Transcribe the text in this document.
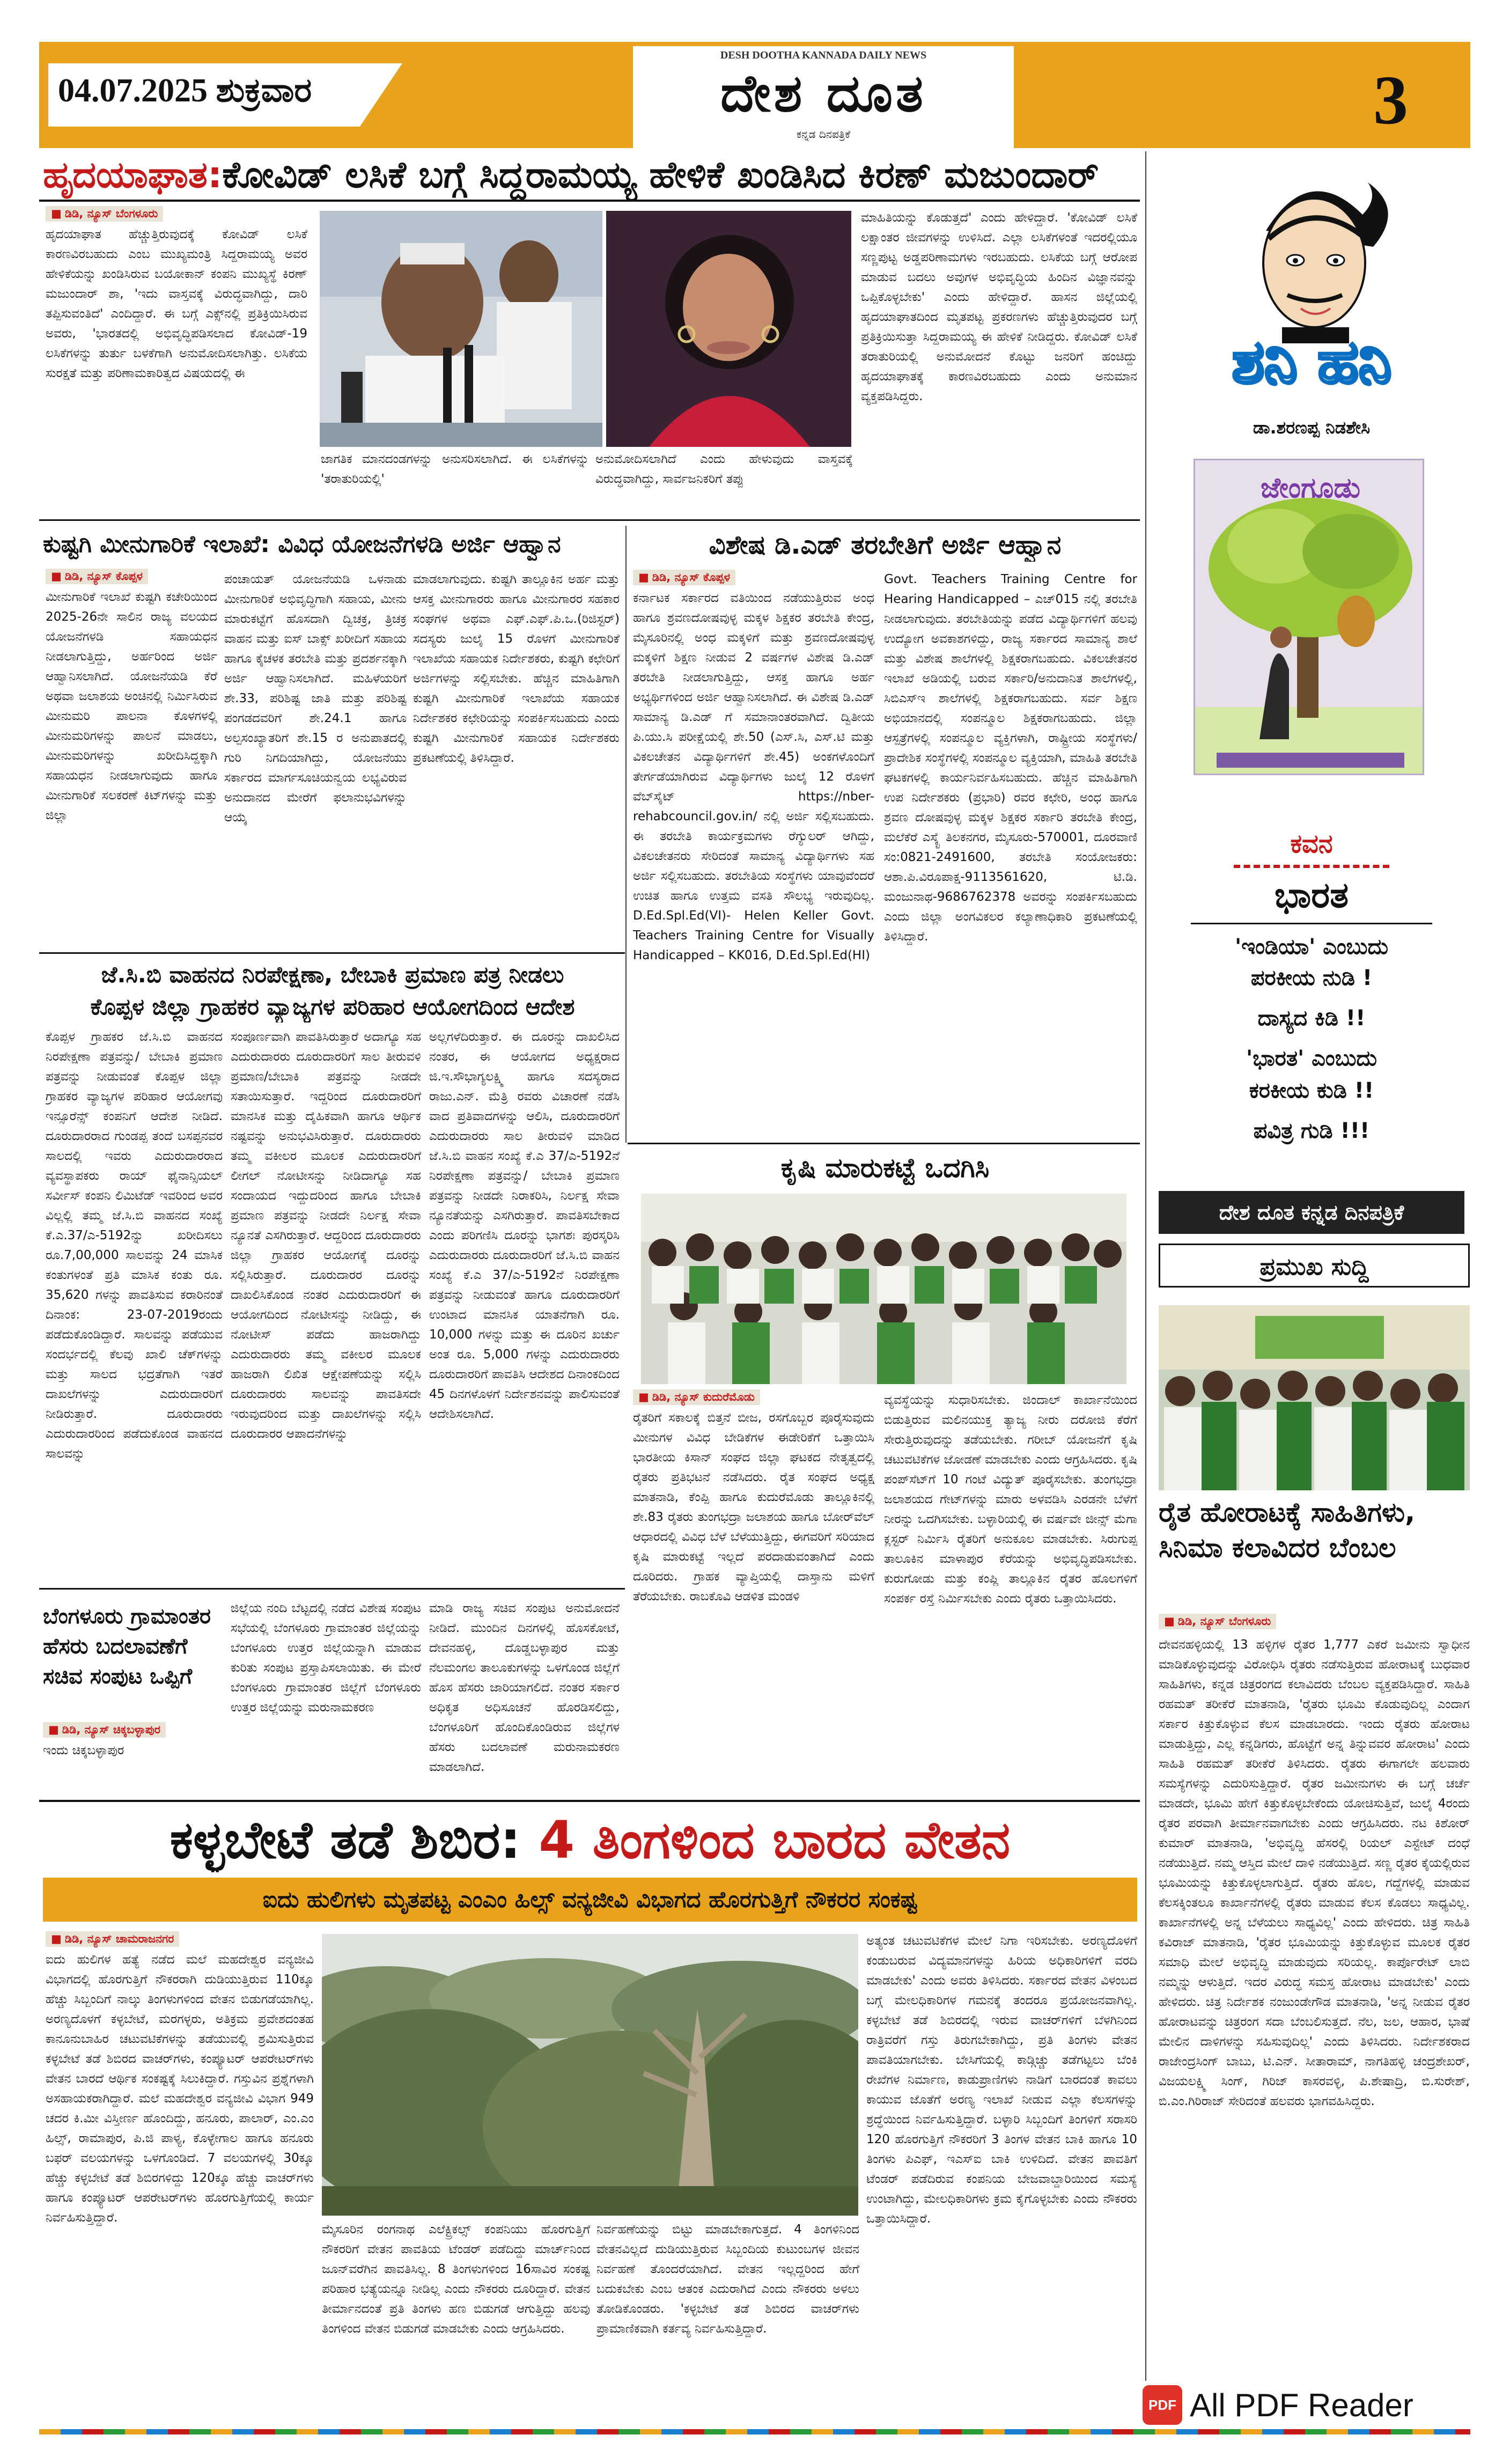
04.07.2025 ಶುಕ್ರವಾರ
DESH DOOTHA KANNADA DAILY NEWS
ದೇಶ ದೂತ
ಕನ್ನಡ ದಿನಪತ್ರಿಕೆ	3
ಹೃದಯಾಘಾತ:ಕೋವಿಡ್ ಲಸಿಕೆ ಬಗ್ಗೆ ಸಿದ್ದರಾಮಯ್ಯ ಹೇಳಿಕೆ ಖಂಡಿಸಿದ ಕಿರಣ್ ಮಜುಂದಾರ್
■ ಡಿಡಿ, ನ್ಯೂಸ್ ಬೆಂಗಳೂರು
ಹೃದಯಾಘಾತ ಹೆಚ್ಚುತ್ತಿರುವುದಕ್ಕೆ ಕೋವಿಡ್ ಲಸಿಕೆ ಕಾರಣವಿರಬಹುದು ಎಂಬ ಮುಖ್ಯಮಂತ್ರಿ ಸಿದ್ದರಾಮಯ್ಯ ಅವರ ಹೇಳಿಕೆಯನ್ನು ಖಂಡಿಸಿರುವ ಬಯೋಕಾನ್ ಕಂಪನಿ ಮುಖ್ಯಸ್ಥೆ ಕಿರಣ್ ಮಜುಂದಾರ್ ಶಾ, 'ಇದು ವಾಸ್ತವಕ್ಕೆ ವಿರುದ್ಧವಾಗಿದ್ದು, ದಾರಿ ತಪ್ಪಿಸುವಂತಿದೆ' ಎಂದಿದ್ದಾರೆ. ಈ ಬಗ್ಗೆ ಎಕ್ಸ್‌ನಲ್ಲಿ ಪ್ರತಿಕ್ರಿಯಿಸಿರುವ ಅವರು, 'ಭಾರತದಲ್ಲಿ ಅಭಿವೃದ್ಧಿಪಡಿಸಲಾದ ಕೋವಿಡ್-19 ಲಸಿಕೆಗಳನ್ನು ತುರ್ತು ಬಳಕೆಗಾಗಿ ಅನುಮೋದಿಸಲಾಗಿತ್ತು. ಲಸಿಕೆಯ ಸುರಕ್ಷತೆ ಮತ್ತು ಪರಿಣಾಮಕಾರಿತ್ವದ ವಿಷಯದಲ್ಲಿ ಈ
ಜಾಗತಿಕ ಮಾನದಂಡಗಳನ್ನು ಅನುಸರಿಸಲಾಗಿದೆ. ಈ ಲಸಿಕೆಗಳನ್ನು 'ತರಾತುರಿಯಲ್ಲಿ'
ಅನುಮೋದಿಸಲಾಗಿದೆ ಎಂದು ಹೇಳುವುದು ವಾಸ್ತವಕ್ಕೆ ವಿರುದ್ಧವಾಗಿದ್ದು, ಸಾರ್ವಜನಿಕರಿಗೆ ತಪ್ಪು
ಮಾಹಿತಿಯನ್ನು ಕೊಡುತ್ತದೆ' ಎಂದು ಹೇಳಿದ್ದಾರೆ. 'ಕೋವಿಡ್ ಲಸಿಕೆ ಲಕ್ಷಾಂತರ ಜೀವಗಳನ್ನು ಉಳಿಸಿದೆ. ಎಲ್ಲಾ ಲಸಿಕೆಗಳಂತೆ ಇದರಲ್ಲಿಯೂ ಸಣ್ಣಪುಟ್ಟ ಅಡ್ಡಪರಿಣಾಮಗಳು ಇರಬಹುದು. ಲಸಿಕೆಯ ಬಗ್ಗೆ ಆರೋಪ ಮಾಡುವ ಬದಲು ಅವುಗಳ ಅಭಿವೃದ್ಧಿಯ ಹಿಂದಿನ ವಿಜ್ಞಾನವನ್ನು ಒಪ್ಪಿಕೊಳ್ಳಬೇಕು' ಎಂದು ಹೇಳಿದ್ದಾರೆ. ಹಾಸನ ಜಿಲ್ಲೆಯಲ್ಲಿ ಹೃದಯಾಘಾತದಿಂದ ಮೃತಪಟ್ಟ ಪ್ರಕರಣಗಳು ಹೆಚ್ಚುತ್ತಿರುವುದರ ಬಗ್ಗೆ ಪ್ರತಿಕ್ರಿಯಿಸುತ್ತಾ ಸಿದ್ದರಾಮಯ್ಯ ಈ ಹೇಳಿಕೆ ನೀಡಿದ್ದರು. ಕೋವಿಡ್ ಲಸಿಕೆ ತರಾತುರಿಯಲ್ಲಿ ಅನುಮೋದನೆ ಕೊಟ್ಟು ಜನರಿಗೆ ಹಂಚಿದ್ದು ಹೃದಯಾಘಾತಕ್ಕೆ ಕಾರಣವಿರಬಹುದು ಎಂದು ಅನುಮಾನ ವ್ಯಕ್ತಪಡಿಸಿದ್ದರು.
ಶನಿ ಹನಿ
ಡಾ.ಶರಣಪ್ಪ ನಿಡಶೇಸಿ
ಜೇಂಗೂಡು
ಕವನ
ಭಾರತ
'ಇಂಡಿಯಾ' ಎಂಬುದು
ಪರಕೀಯ ನುಡಿ !
ದಾಸ್ಯದ ಕಿಡಿ !!
'ಭಾರತ' ಎಂಬುದು
ಕರಕೀಯ ಕುಡಿ !!
ಪವಿತ್ರ ಗುಡಿ !!!
ದೇಶ ದೂತ ಕನ್ನಡ ದಿನಪತ್ರಿಕೆ
ಪ್ರಮುಖ ಸುದ್ದಿ
ರೈತ ಹೋರಾಟಕ್ಕೆ ಸಾಹಿತಿಗಳು, ಸಿನಿಮಾ ಕಲಾವಿದರ ಬೆಂಬಲ
■ ಡಿಡಿ, ನ್ಯೂಸ್ ಬೆಂಗಳೂರು
ದೇವನಹಳ್ಳಿಯಲ್ಲಿ 13 ಹಳ್ಳಿಗಳ ರೈತರ 1,777 ಎಕರೆ ಜಮೀನು ಸ್ವಾಧೀನ ಮಾಡಿಕೊಳ್ಳುವುದನ್ನು ವಿರೋಧಿಸಿ ರೈತರು ನಡೆಸುತ್ತಿರುವ ಹೋರಾಟಕ್ಕೆ ಬುಧವಾರ ಸಾಹಿತಿಗಳು, ಕನ್ನಡ ಚಿತ್ರರಂಗದ ಕಲಾವಿದರು ಬೆಂಬಲ ವ್ಯಕ್ತಪಡಿಸಿದ್ದಾರೆ. ಸಾಹಿತಿ ರಹಮತ್ ತರೀಕೆರೆ ಮಾತನಾಡಿ, 'ರೈತರು ಭೂಮಿ ಕೊಡುವುದಿಲ್ಲ ಎಂದಾಗ ಸರ್ಕಾರ ಕಿತ್ತುಕೊಳ್ಳುವ ಕೆಲಸ ಮಾಡಬಾರದು. ಇಂದು ರೈತರು ಹೋರಾಟ ಮಾಡುತ್ತಿದ್ದು, ಎಲ್ಲ ಕನ್ನಡಿಗರು, ಹೊಟ್ಟೆಗೆ ಅನ್ನ ತಿನ್ನುವವರ ಹೋರಾಟ' ಎಂದು ಸಾಹಿತಿ ರಹಮತ್ ತರೀಕೆರೆ ತಿಳಿಸಿದರು. ರೈತರು ಈಗಾಗಲೇ ಹಲವಾರು ಸಮಸ್ಯೆಗಳನ್ನು ಎದುರಿಸುತ್ತಿದ್ದಾರೆ. ರೈತರ ಜಮೀನುಗಳು ಈ ಬಗ್ಗೆ ಚರ್ಚೆ ಮಾಡದೇ, ಭೂಮಿ ಹೇಗೆ ಕಿತ್ತುಕೊಳ್ಳಬೇಕೆಂದು ಯೋಚಿಸುತ್ತಿವೆ, ಜುಲೈ 4ರಂದು ರೈತರ ಪರವಾಗಿ ತೀರ್ಮಾನವಾಗಬೇಕು ಎಂದು ಆಗ್ರಹಿಸಿದರು. ನಟ ಕಿಶೋರ್ ಕುಮಾರ್ ಮಾತನಾಡಿ, 'ಅಭಿವೃದ್ಧಿ ಹೆಸರಲ್ಲಿ ರಿಯಲ್ ಎಸ್ಟೇಟ್ ದಂಧೆ ನಡೆಯುತ್ತಿದೆ. ನಮ್ಮ ಆಸ್ತಿದ ಮೇಲೆ ದಾಳಿ ನಡೆಯುತ್ತಿದೆ. ಸಣ್ಣ ರೈತರ ಕೈಯಲ್ಲಿರುವ ಭೂಮಿಯನ್ನು ಕಿತ್ತುಕೊಳ್ಳಲಾಗುತ್ತಿದೆ. ರೈತರು ಹೊಲ, ಗದ್ದೆಗಳಲ್ಲಿ ಮಾಡುವ ಕೆಲಸಕ್ಕಿಂತಲೂ ಕಾರ್ಖಾನೆಗಳಲ್ಲಿ ರೈತರು ಮಾಡುವ ಕೆಲಸ ಕೊಡಲು ಸಾಧ್ಯವಿಲ್ಲ. ಕಾರ್ಖಾನೆಗಳಲ್ಲಿ ಅನ್ನ ಬೆಳೆಯಲು ಸಾಧ್ಯವಿಲ್ಲ' ಎಂದು ಹೇಳಿದರು. ಚಿತ್ರ ಸಾಹಿತಿ ಕವಿರಾಜ್ ಮಾತನಾಡಿ, 'ರೈತರ ಭೂಮಿಯನ್ನು ಕಿತ್ತುಕೊಳ್ಳುವ ಮೂಲಕ ರೈತರ ಸಮಾಧಿ ಮೇಲೆ ಅಭಿವೃದ್ಧಿ ಮಾಡುವುದು ಸರಿಯಲ್ಲ. ಕಾರ್ಪೊರೇಟ್ ಲಾಬಿ ನಮ್ಮನ್ನು ಆಳುತ್ತಿದೆ. ಇದರ ವಿರುದ್ಧ ಸಮಸ್ತ ಹೋರಾಟ ಮಾಡಬೇಕು' ಎಂದು ಹೇಳಿದರು. ಚಿತ್ರ ನಿರ್ದೇಶಕ ನಂಜುಂಡೇಗೌಡ ಮಾತನಾಡಿ, 'ಅನ್ನ ನೀಡುವ ರೈತರ ಹೋರಾಟವನ್ನು ಚಿತ್ರರಂಗ ಸದಾ ಬೆಂಬಲಿಸುತ್ತದೆ. ನೆಲ, ಜಲ, ಆಹಾರ, ಭಾಷೆ ಮೇಲಿನ ದಾಳಿಗಳನ್ನು ಸಹಿಸುವುದಿಲ್ಲ' ಎಂದು ತಿಳಿಸಿದರು. ನಿರ್ದೇಶಕರಾದ ರಾಜೇಂದ್ರಸಿಂಗ್ ಬಾಬು, ಟಿ.ಎನ್. ಸೀತಾರಾಮ್, ನಾಗತಿಹಳ್ಳಿ ಚಂದ್ರಶೇಖರ್, ವಿಜಯಲಕ್ಷ್ಮಿ ಸಿಂಗ್, ಗಿರಿಜ್ ಕಾಸರವಳ್ಳಿ, ಪಿ.ಶೇಷಾದ್ರಿ, ಬಿ.ಸುರೇಶ್, ಬಿ.ಎಂ.ಗಿರಿರಾಜ್ ಸೇರಿದಂತೆ ಹಲವರು ಭಾಗವಹಿಸಿದ್ದರು.
ಕುಷ್ಟಗಿ ಮೀನುಗಾರಿಕೆ ಇಲಾಖೆ: ವಿವಿಧ ಯೋಜನೆಗಳಡಿ ಅರ್ಜಿ ಆಹ್ವಾನ
■ ಡಿಡಿ, ನ್ಯೂಸ್ ಕೊಪ್ಪಳ
ಮೀನುಗಾರಿಕೆ ಇಲಾಖೆ ಕುಷ್ಟಗಿ ಕಚೇರಿಯಿಂದ 2025-26ನೇ ಸಾಲಿನ ರಾಜ್ಯ ವಲಯದ ಯೋಜನೆಗಳಡಿ ಸಹಾಯಧನ ನೀಡಲಾಗುತ್ತಿದ್ದು, ಅರ್ಹರಿಂದ ಅರ್ಜಿ ಆಹ್ವಾನಿಸಲಾಗಿದೆ. ಯೋಜನೆಯಡಿ ಕೆರೆ ಅಥವಾ ಜಲಾಶಯ ಅಂಚಿನಲ್ಲಿ ನಿರ್ಮಿಸಿರುವ ಮೀನುಮರಿ ಪಾಲನಾ ಕೊಳಗಳಲ್ಲಿ ಮೀನುಮರಿಗಳನ್ನು ಪಾಲನೆ ಮಾಡಲು, ಮೀನುಮರಿಗಳನ್ನು ಖರೀದಿಸಿದ್ದಕ್ಕಾಗಿ ಸಹಾಯಧನ ನೀಡಲಾಗುವುದು ಹಾಗೂ ಮೀನುಗಾರಿಕೆ ಸಲಕರಣೆ ಕಿಟ್‌ಗಳನ್ನು ಮತ್ತು ಜಿಲ್ಲಾ
ಪಂಚಾಯತ್ ಯೋಜನೆಯಡಿ ಒಳನಾಡು ಮೀನುಗಾರಿಕೆ ಅಭಿವೃದ್ಧಿಗಾಗಿ ಸಹಾಯ, ಮೀನು ಮಾರುಕಟ್ಟೆಗೆ ಹೊಸದಾಗಿ ದ್ವಿಚಕ್ರ, ತ್ರಿಚಕ್ರ ವಾಹನ ಮತ್ತು ಐಸ್ ಬಾಕ್ಸ್ ಖರೀದಿಗೆ ಸಹಾಯ ಹಾಗೂ ಕೈಚಳಕ ತರಬೇತಿ ಮತ್ತು ಪ್ರದರ್ಶನಕ್ಕಾಗಿ ಅರ್ಜಿ ಆಹ್ವಾನಿಸಲಾಗಿದೆ. ಮಹಿಳೆಯರಿಗೆ ಶೇ.33, ಪರಿಶಿಷ್ಟ ಜಾತಿ ಮತ್ತು ಪರಿಶಿಷ್ಟ ಪಂಗಡದವರಿಗೆ ಶೇ.24.1 ಹಾಗೂ ಅಲ್ಪಸಂಖ್ಯಾತರಿಗೆ ಶೇ.15 ರ ಅನುಪಾತದಲ್ಲಿ ಗುರಿ ನಿಗದಿಯಾಗಿದ್ದು, ಯೋಜನೆಯು ಸರ್ಕಾರದ ಮಾರ್ಗಸೂಚಿಯನ್ವಯ ಲಭ್ಯವಿರುವ ಅನುದಾನದ ಮೇರೆಗೆ ಫಲಾನುಭವಿಗಳನ್ನು ಆಯ್ಕೆ
ಮಾಡಲಾಗುವುದು. ಕುಷ್ಟಗಿ ತಾಲ್ಲೂಕಿನ ಅರ್ಹ ಮತ್ತು ಆಸಕ್ತ ಮೀನುಗಾರರು ಹಾಗೂ ಮೀನುಗಾರರ ಸಹಕಾರ ಸಂಘಗಳ ಅಥವಾ ಎಫ್.ಎಫ್.ಪಿ.ಒ.(ರಿಜಿಸ್ಟರ್) ಸದಸ್ಯರು ಜುಲೈ 15 ರೊಳಗೆ ಮೀನುಗಾರಿಕೆ ಇಲಾಖೆಯ ಸಹಾಯಕ ನಿರ್ದೇಶಕರು, ಕುಷ್ಟಗಿ ಕಛೇರಿಗೆ ಅರ್ಜಿಗಳನ್ನು ಸಲ್ಲಿಸಬೇಕು. ಹೆಚ್ಚಿನ ಮಾಹಿತಿಗಾಗಿ ಕುಷ್ಟಗಿ ಮೀನುಗಾರಿಕೆ ಇಲಾಖೆಯ ಸಹಾಯಕ ನಿರ್ದೇಶಕರ ಕಛೇರಿಯನ್ನು ಸಂಪರ್ಕಿಸಬಹುದು ಎಂದು ಕುಷ್ಟಗಿ ಮೀನುಗಾರಿಕೆ ಸಹಾಯಕ ನಿರ್ದೇಶಕರು ಪ್ರಕಟಣೆಯಲ್ಲಿ ತಿಳಿಸಿದ್ದಾರೆ.
ಜೆ.ಸಿ.ಬಿ ವಾಹನದ ನಿರಪೇಕ್ಷಣಾ, ಬೇಬಾಕಿ ಪ್ರಮಾಣ ಪತ್ರ ನೀಡಲು
ಕೊಪ್ಪಳ ಜಿಲ್ಲಾ ಗ್ರಾಹಕರ ವ್ಯಾಜ್ಯಗಳ ಪರಿಹಾರ ಆಯೋಗದಿಂದ ಆದೇಶ
ಕೊಪ್ಪಳ ಗ್ರಾಹಕರ ಜೆ.ಸಿ.ಬಿ ವಾಹನದ ನಿರಪೇಕ್ಷಣಾ ಪತ್ರವನ್ನು/ ಬೇಬಾಕಿ ಪ್ರಮಾಣ ಪತ್ರವನ್ನು ನೀಡುವಂತೆ ಕೊಪ್ಪಳ ಜಿಲ್ಲಾ ಗ್ರಾಹಕರ ವ್ಯಾಜ್ಯಗಳ ಪರಿಹಾರ ಆಯೋಗವು ಇನ್ಸೂರೆನ್ಸ್ ಕಂಪನಿಗೆ ಆದೇಶ ನೀಡಿದೆ. ದೂರುದಾರರಾದ ಗುಂಡಪ್ಪ ತಂದೆ ಬಸಪ್ಪನವರ ಸಾಲದಲ್ಲಿ ಇವರು ಎದುರುದಾರರಾದ ವ್ಯವಸ್ಥಾಪಕರು ರಾಯ್ ಫೈನಾನ್ಸಿಯಲ್ ಸರ್ವೀಸ್ ಕಂಪನಿ ಲಿಮಿಟೆಡ್ ಇವರಿಂದ ಅವರ ವಿಲ್ಲಲ್ಲಿ ತಮ್ಮ ಜೆ.ಸಿ.ಬಿ ವಾಹನದ ಸಂಖ್ಯೆ ಕೆ.ಎ.37/ಎ-5192ನ್ನು ಖರೀದಿಸಲು ರೂ.7,00,000 ಸಾಲವನ್ನು 24 ಮಾಸಿಕ ಕಂತುಗಳಂತೆ ಪ್ರತಿ ಮಾಸಿಕ ಕಂತು ರೂ. 35,620 ಗಳನ್ನು ಪಾವತಿಸುವ ಕರಾರಿನಂತೆ ದಿನಾಂಕ: 23-07-2019ರಂದು ಪಡೆದುಕೊಂಡಿದ್ದಾರೆ. ಸಾಲವನ್ನು ಪಡೆಯುವ ಸಂದರ್ಭದಲ್ಲಿ ಕೆಲವು ಖಾಲಿ ಚೆಕ್‌ಗಳನ್ನು ಮತ್ತು ಸಾಲದ ಭದ್ರತೆಗಾಗಿ ಇತರೆ ದಾಖಲೆಗಳನ್ನು ಎದುರುದಾರರಿಗೆ ನೀಡಿರುತ್ತಾರೆ. ದೂರುದಾರರು ಎದುರುದಾರರಿಂದ ಪಡೆದುಕೊಂಡ ವಾಹನದ ಸಾಲವನ್ನು
ಸಂಪೂರ್ಣವಾಗಿ ಪಾವತಿಸಿರುತ್ತಾರೆ ಅದಾಗ್ಯೂ ಸಹ ಎದುರುದಾರರು ದೂರುದಾರರಿಗೆ ಸಾಲ ತೀರುವಳಿ ಪ್ರಮಾಣ/ಬೇಬಾಕಿ ಪತ್ರವನ್ನು ನೀಡದೇ ಸತಾಯಿಸುತ್ತಾರೆ. ಇದ್ದರಿಂದ ದೂರುದಾರರಿಗೆ ಮಾನಸಿಕ ಮತ್ತು ದೈಹಿಕವಾಗಿ ಹಾಗೂ ಆರ್ಥಿಕ ನಷ್ಟವನ್ನು ಅನುಭವಿಸಿರುತ್ತಾರೆ. ದೂರುದಾರರು ತಮ್ಮ ವಕೀಲರ ಮೂಲಕ ಎದುರುದಾರರಿಗೆ ಲೀಗಲ್ ನೋಟೀಸನ್ನು ನೀಡಿದಾಗ್ಯೂ ಸಹ ಸಂದಾಯದ ಇದ್ದುದರಿಂದ ಹಾಗೂ ಬೇಬಾಕಿ ಪ್ರಮಾಣ ಪತ್ರವನ್ನು ನೀಡದೇ ನಿರ್ಲಕ್ಷ ಸೇವಾ ನ್ಯೂನತೆ ಎಸಗಿರುತ್ತಾರೆ. ಆದ್ದರಿಂದ ದೂರುದಾರರು ಜಿಲ್ಲಾ ಗ್ರಾಹಕರ ಆಯೋಗಕ್ಕೆ ದೂರನ್ನು ಸಲ್ಲಿಸಿರುತ್ತಾರೆ. ದೂರುದಾರರ ದೂರನ್ನು ದಾಖಲಿಸಿಕೊಂಡ ನಂತರ ಎದುರುದಾರರಿಗೆ ಈ ಆಯೋಗದಿಂದ ನೋಟೀಸನ್ನು ನೀಡಿದ್ದು, ಈ ನೋಟೀಸ್ ಪಡೆದು ಹಾಜರಾಗಿದ್ದು ಎದುರುದಾರರು ತಮ್ಮ ವಕೀಲರ ಮೂಲಕ ಹಾಜರಾಗಿ ಲಿಖಿತ ಆಕ್ಷೇಪಣೆಯನ್ನು ಸಲ್ಲಿಸಿ ದೂರುದಾರರು ಸಾಲವನ್ನು ಪಾವತಿಸದೇ ಇರುವುದರಿಂದ ಮತ್ತು ದಾಖಲೆಗಳನ್ನು ಸಲ್ಲಿಸಿ ದೂರುದಾರರ ಆಪಾದನೆಗಳನ್ನು
ಅಲ್ಲಗಳೆದಿರುತ್ತಾರೆ. ಈ ದೂರನ್ನು ದಾಖಲಿಸಿದ ನಂತರ, ಈ ಆಯೋಗದ ಅಧ್ಯಕ್ಷರಾದ ಜಿ.ಇ.ಸೌಭಾಗ್ಯಲಕ್ಷ್ಮಿ ಹಾಗೂ ಸದಸ್ಯರಾದ ರಾಜು.ಎನ್. ಮೆತ್ರಿ ರವರು ವಿಚಾರಣೆ ನಡೆಸಿ ವಾದ ಪ್ರತಿವಾದಗಳನ್ನು ಆಲಿಸಿ, ದೂರುದಾರರಿಗೆ ಎದುರುದಾರರು ಸಾಲ ತೀರುವಳಿ ಮಾಡಿದ ಜೆ.ಸಿ.ಬಿ ವಾಹನ ಸಂಖ್ಯೆ ಕೆ.ಎ 37/ಎ-5192ನೆ ನಿರಪೇಕ್ಷಣಾ ಪತ್ರವನ್ನು/ ಬೇಬಾಕಿ ಪ್ರಮಾಣ ಪತ್ರವನ್ನು ನೀಡದೇ ನಿರಾಕರಿಸಿ, ನಿರ್ಲಕ್ಷ ಸೇವಾ ನ್ಯೂನತೆಯನ್ನು ಎಸಗಿರುತ್ತಾರೆ. ಪಾವತಿಸಬೇಕಾದ ಎಂದು ಪರಿಗಣಿಸಿ ದೂರನ್ನು ಭಾಗಶಃ ಪುರಸ್ಕರಿಸಿ ಎದುರುದಾರರು ದೂರುದಾರರಿಗೆ ಜೆ.ಸಿ.ಬಿ ವಾಹನ ಸಂಖ್ಯೆ ಕೆ.ಎ 37/ಎ-5192ನೆ ನಿರಪೇಕ್ಷಣಾ ಪತ್ರವನ್ನು ನೀಡುವಂತೆ ಹಾಗೂ ದೂರುದಾರರಿಗೆ ಉಂಟಾದ ಮಾನಸಿಕ ಯಾತನೆಗಾಗಿ ರೂ. 10,000 ಗಳನ್ನು ಮತ್ತು ಈ ದೂರಿನ ಖರ್ಚು ಅಂತ ರೂ. 5,000 ಗಳನ್ನು ಎದುರುದಾರರು ದೂರುದಾರರಿಗೆ ಪಾವತಿಸಿ ಆದೇಶದ ದಿನಾಂಕದಿಂದ 45 ದಿನಗಳೊಳಗೆ ನಿರ್ದೇಶನವನ್ನು ಪಾಲಿಸುವಂತೆ ಆದೇಶಿಸಲಾಗಿದೆ.
ವಿಶೇಷ ಡಿ.ಎಡ್ ತರಬೇತಿಗೆ ಅರ್ಜಿ ಆಹ್ವಾನ
■ ಡಿಡಿ, ನ್ಯೂಸ್ ಕೊಪ್ಪಳ
ಕರ್ನಾಟಕ ಸರ್ಕಾರದ ವತಿಯಿಂದ ನಡೆಯುತ್ತಿರುವ ಅಂಧ ಹಾಗೂ ಶ್ರವಣದೋಷವುಳ್ಳ ಮಕ್ಕಳ ಶಿಕ್ಷಕರ ತರಬೇತಿ ಕೇಂದ್ರ, ಮೈಸೂರಿನಲ್ಲಿ ಅಂಧ ಮಕ್ಕಳಿಗೆ ಮತ್ತು ಶ್ರವಣದೋಷವುಳ್ಳ ಮಕ್ಕಳಿಗೆ ಶಿಕ್ಷಣ ನೀಡುವ 2 ವರ್ಷಗಳ ವಿಶೇಷ ಡಿ.ಎಡ್ ತರಬೇತಿ ನೀಡಲಾಗುತ್ತಿದ್ದು, ಆಸಕ್ತ ಹಾಗೂ ಅರ್ಹ ಅಭ್ಯರ್ಥಿಗಳಿಂದ ಅರ್ಜಿ ಆಹ್ವಾನಿಸಲಾಗಿದೆ. ಈ ವಿಶೇಷ ಡಿ.ಎಡ್ ಸಾಮಾನ್ಯ ಡಿ.ಎಡ್ ಗೆ ಸಮಾನಾಂತರವಾಗಿದೆ. ದ್ವಿತೀಯ ಪಿ.ಯು.ಸಿ ಪರೀಕ್ಷೆಯಲ್ಲಿ ಶೇ.50 (ಎಸ್.ಸಿ, ಎಸ್.ಟಿ ಮತ್ತು ವಿಕಲಚೇತನ ವಿದ್ಯಾರ್ಥಿಗಳಿಗೆ ಶೇ.45) ಅಂಕಗಳೊಂದಿಗೆ ತೇರ್ಗಡೆಯಾಗಿರುವ ವಿದ್ಯಾರ್ಥಿಗಳು ಜುಲೈ 12 ರೊಳಗೆ ವೆಬ್‌ಸೈಟ್ https://nber-rehabcouncil.gov.in/ ನಲ್ಲಿ ಅರ್ಜಿ ಸಲ್ಲಿಸಬಹುದು. ಈ ತರಬೇತಿ ಕಾರ್ಯಕ್ರಮಗಳು ರೆಗ್ಯುಲರ್ ಆಗಿದ್ದು, ವಿಕಲಚೇತನರು ಸೇರಿದಂತೆ ಸಾಮಾನ್ಯ ವಿದ್ಯಾರ್ಥಿಗಳು ಸಹ ಅರ್ಜಿ ಸಲ್ಲಿಸಬಹುದು. ತರಬೇತಿಯ ಸಂಸ್ಥೆಗಳು ಯಾವುವೆಂದರೆ ಉಚಿತ ಹಾಗೂ ಉತ್ತಮ ವಸತಿ ಸೌಲಭ್ಯ ಇರುವುದಿಲ್ಲ. D.Ed.Spl.Ed(VI)- Helen Keller Govt. Teachers Training Centre for Visually Handicapped – KK016, D.Ed.Spl.Ed(HI)
Govt. Teachers Training Centre for Hearing Handicapped – ಎಚ್015 ನಲ್ಲಿ ತರಬೇತಿ ನೀಡಲಾಗುವುದು. ತರಬೇತಿಯನ್ನು ಪಡೆದ ವಿದ್ಯಾರ್ಥಿಗಳಿಗೆ ಹಲವು ಉದ್ಯೋಗ ಅವಕಾಶಗಳಿದ್ದು, ರಾಜ್ಯ ಸರ್ಕಾರದ ಸಾಮಾನ್ಯ ಶಾಲೆ ಮತ್ತು ವಿಶೇಷ ಶಾಲೆಗಳಲ್ಲಿ ಶಿಕ್ಷಕರಾಗಬಹುದು. ವಿಕಲಚೇತನರ ಇಲಾಖೆ ಅಡಿಯಲ್ಲಿ ಬರುವ ಸರ್ಕಾರಿ/ಅನುದಾನಿತ ಶಾಲೆಗಳಲ್ಲಿ, ಸಿಬಿಎಸ್‌ಇ ಶಾಲೆಗಳಲ್ಲಿ ಶಿಕ್ಷಕರಾಗಬಹುದು. ಸರ್ವ ಶಿಕ್ಷಣ ಅಭಿಯಾನದಲ್ಲಿ ಸಂಪನ್ಮೂಲ ಶಿಕ್ಷಕರಾಗಬಹುದು. ಜಿಲ್ಲಾ ಆಸ್ಪತ್ರೆಗಳಲ್ಲಿ ಸಂಪನ್ಮೂಲ ವ್ಯಕ್ತಿಗಳಾಗಿ, ರಾಷ್ಟ್ರೀಯ ಸಂಸ್ಥೆಗಳು/ಪ್ರಾದೇಶಿಕ ಸಂಸ್ಥೆಗಳಲ್ಲಿ ಸಂಪನ್ಮೂಲ ವ್ಯಕ್ತಿಯಾಗಿ, ಮಾಹಿತಿ ತರಬೇತಿ ಘಟಕಗಳಲ್ಲಿ ಕಾರ್ಯನಿರ್ವಹಿಸಬಹುದು. ಹೆಚ್ಚಿನ ಮಾಹಿತಿಗಾಗಿ ಉಪ ನಿರ್ದೇಶಕರು (ಪ್ರಭಾರಿ) ರವರ ಕಛೇರಿ, ಅಂಧ ಹಾಗೂ ಶ್ರವಣ ದೋಷವುಳ್ಳ ಮಕ್ಕಳ ಶಿಕ್ಷಕರ ಸರ್ಕಾರಿ ತರಬೇತಿ ಕೇಂದ್ರ, ಮಲೆಕೆರೆ ಎಸ್ಕ್ಟೆ ತಿಲಕನಗರ, ಮೈಸೂರು-570001, ದೂರವಾಣಿ ಸಂ:0821-2491600, ತರಬೇತಿ ಸಂಯೋಜಕರು: ಆಶಾ.ಪಿ.ವಿರೂಪಾಕ್ಷ-9113561620, ಟಿ.ಡಿ. ಮಂಜುನಾಥ-9686762378 ಅವರನ್ನು ಸಂಪರ್ಕಿಸಬಹುದು ಎಂದು ಜಿಲ್ಲಾ ಅಂಗವಿಕಲರ ಕಲ್ಯಾಣಾಧಿಕಾರಿ ಪ್ರಕಟಣೆಯಲ್ಲಿ ತಿಳಿಸಿದ್ದಾರೆ.
ಕೃಷಿ ಮಾರುಕಟ್ಟೆ ಒದಗಿಸಿ
■ ಡಿಡಿ, ನ್ಯೂಸ್ ಕುದುರೆಮೊಡು
ರೈತರಿಗೆ ಸಕಾಲಕ್ಕೆ ಬಿತ್ತನೆ ಬೀಜ, ರಸಗೊಬ್ಬರ ಪೂರೈಸುವುದು ಮೀನುಗಳ ವಿವಿಧ ಬೇಡಿಕೆಗಳ ಈಡೇರಿಕೆಗೆ ಒತ್ತಾಯಿಸಿ ಭಾರತೀಯ ಕಿಸಾನ್ ಸಂಘದ ಜಿಲ್ಲಾ ಘಟಕದ ನೇತೃತ್ವದಲ್ಲಿ ರೈತರು ಪ್ರತಿಭಟನೆ ನಡೆಸಿದರು. ರೈತ ಸಂಘದ ಅಧ್ಯಕ್ಷ ಮಾತನಾಡಿ, ಕೆಂಪ್ಪಿ ಹಾಗೂ ಕುದುರೆಮೊಡು ತಾಲ್ಲೂಕಿನಲ್ಲಿ ಶೇ.83 ರೈತರು ತುಂಗಭದ್ರಾ ಜಲಾಶಯ ಹಾಗೂ ಬೋರ್‌ವೆಲ್ ಆಧಾರದಲ್ಲಿ ವಿವಿಧ ಬೆಳೆ ಬೆಳೆಯುತ್ತಿದ್ದು, ಈಗವರಿಗೆ ಸರಿಯಾದ ಕೃಷಿ ಮಾರುಕಟ್ಟೆ ಇಲ್ಲದೆ ಪರದಾಡುವಂತಾಗಿದೆ ಎಂದು ದೂರಿದರು. ಗ್ರಾಹಕ ವ್ಯಾಪ್ತಿಯಲ್ಲಿ ದಾಸ್ತಾನು ಮಳಿಗೆ ತೆರೆಯಬೇಕು. ರಾಬಕೊವಿ ಆಡಳಿತ ಮಂಡಳಿ
ವ್ಯವಸ್ಥೆಯನ್ನು ಸುಧಾರಿಸಬೇಕು. ಜಿಂದಾಲ್ ಕಾರ್ಖಾನೆಯಿಂದ ಬಿಡುತ್ತಿರುವ ಮಲಿನಯುಕ್ತ ತ್ಯಾಜ್ಯ ನೀರು ದರೋಜಿ ಕೆರೆಗೆ ಸೇರುತ್ತಿರುವುದನ್ನು ತಡೆಯಬೇಕು. ಗರೀಬ್ ಯೋಜನೆಗೆ ಕೃಷಿ ಚಟುವಟಿಕೆಗಳ ಜೋಡಣೆ ಮಾಡಬೇಕು ಎಂದು ಆಗ್ರಹಿಸಿದರು. ಕೃಷಿ ಪಂಪ್‌ಸೆಟ್‌ಗೆ 10 ಗಂಟೆ ವಿದ್ಯುತ್ ಪೂರೈಸಬೇಕು. ತುಂಗಭದ್ರಾ ಜಲಾಶಯದ ಗೇಟ್‌ಗಳನ್ನು ಮಾರು ಅಳವಡಿಸಿ ಎರಡನೇ ಬೆಳೆಗೆ ನೀರನ್ನು ಒದಗಿಸಬೇಕು. ಬಳ್ಳಾರಿಯಲ್ಲಿ ಈ ವರ್ಷವೇ ಜೀನ್ಸ್ ಮೆಗಾ ಕ್ಲಸ್ಟರ್ ನಿರ್ಮಿಸಿ ರೈತರಿಗೆ ಅನುಕೂಲ ಮಾಡಬೇಕು. ಸಿರುಗುಪ್ಪ ತಾಲೂಕಿನ ಮಾಳಾಪುರ ಕೆರೆಯನ್ನು ಅಭಿವೃದ್ಧಿಪಡಿಸಬೇಕು. ಕುರುಗೋಡು ಮತ್ತು ಕಂಪ್ಲಿ ತಾಲ್ಲೂಕಿನ ರೈತರ ಹೊಲಗಳಿಗೆ ಸಂಪರ್ಕ ರಸ್ತೆ ನಿರ್ಮಿಸಬೇಕು ಎಂದು ರೈತರು ಒತ್ತಾಯಿಸಿದರು.
ಬೆಂಗಳೂರು ಗ್ರಾಮಾಂತರ ಹೆಸರು ಬದಲಾವಣೆಗೆ ಸಚಿವ ಸಂಪುಟ ಒಪ್ಪಿಗೆ
■ ಡಿಡಿ, ನ್ಯೂಸ್ ಚಿಕ್ಕಬಳ್ಳಾಪುರ
ಇಂದು ಚಿಕ್ಕಬಳ್ಳಾಪುರ
ಜಿಲ್ಲೆಯ ನಂದಿ ಬೆಟ್ಟದಲ್ಲಿ ನಡೆದ ವಿಶೇಷ ಸಂಪುಟ ಸಭೆಯಲ್ಲಿ ಬೆಂಗಳೂರು ಗ್ರಾಮಾಂತರ ಜಿಲ್ಲೆಯನ್ನು ಬೆಂಗಳೂರು ಉತ್ತರ ಜಿಲ್ಲೆಯನ್ನಾಗಿ ಮಾಡುವ ಕುರಿತು ಸಂಪುಟ ಪ್ರಸ್ತಾಪಿಸಲಾಯಿತು. ಈ ಮೇರೆ ಬೆಂಗಳೂರು ಗ್ರಾಮಾಂತರ ಜಿಲ್ಲೆಗೆ ಬೆಂಗಳೂರು ಉತ್ತರ ಜಿಲ್ಲೆಯನ್ನು ಮರುನಾಮಕರಣ
ಮಾಡಿ ರಾಜ್ಯ ಸಚಿವ ಸಂಪುಟ ಅನುಮೋದನೆ ನೀಡಿದೆ. ಮುಂದಿನ ದಿನಗಳಲ್ಲಿ ಹೊಸಕೋಟೆ, ದೇವನಹಳ್ಳಿ, ದೊಡ್ಡಬಳ್ಳಾಪುರ ಮತ್ತು ನೆಲಮಂಗಲ ತಾಲೂಕುಗಳನ್ನು ಒಳಗೊಂಡ ಜಿಲ್ಲೆಗೆ ಹೊಸ ಹೆಸರು ಜಾರಿಯಾಗಲಿದೆ. ನಂತರ ಸರ್ಕಾರ ಅಧಿಕೃತ ಅಧಿಸೂಚನೆ ಹೊರಡಿಸಲಿದ್ದು, ಬೆಂಗಳೂರಿಗೆ ಹೊಂದಿಕೊಂಡಿರುವ ಜಿಲ್ಲೆಗಳ ಹೆಸರು ಬದಲಾವಣೆ ಮರುನಾಮಕರಣ ಮಾಡಲಾಗಿದೆ.
ಕಳ್ಳಬೇಟೆ ತಡೆ ಶಿಬಿರ: 4 ತಿಂಗಳಿಂದ ಬಾರದ ವೇತನ
ಐದು ಹುಲಿಗಳು ಮೃತಪಟ್ಟ ಎಂಎಂ ಹಿಲ್ಸ್ ವನ್ಯಜೀವಿ ವಿಭಾಗದ ಹೊರಗುತ್ತಿಗೆ ನೌಕರರ ಸಂಕಷ್ಟ
■ ಡಿಡಿ, ನ್ಯೂಸ್ ಚಾಮರಾಜನಗರ
ಐದು ಹುಲಿಗಳ ಹತ್ಯೆ ನಡೆದ ಮಲೆ ಮಹದೇಶ್ವರ ವನ್ಯಜೀವಿ ವಿಭಾಗದಲ್ಲಿ ಹೊರಗುತ್ತಿಗೆ ನೌಕರರಾಗಿ ದುಡಿಯುತ್ತಿರುವ 110ಕ್ಕೂ ಹೆಚ್ಚು ಸಿಬ್ಬಂದಿಗೆ ನಾಲ್ಕು ತಿಂಗಳುಗಳಿಂದ ವೇತನ ಬಿಡುಗಡೆಯಾಗಿಲ್ಲ. ಅರಣ್ಯದೊಳಗೆ ಕಳ್ಳಬೇಟೆ, ಮರಗಳ್ಳರು, ಅತಿಕ್ರಮ ಪ್ರವೇಶದಂತಹ ಕಾನೂನುಬಾಹಿರ ಚಟುವಟಿಕೆಗಳನ್ನು ತಡೆಯುವಲ್ಲಿ ಶ್ರಮಿಸುತ್ತಿರುವ ಕಳ್ಳಬೇಟೆ ತಡೆ ಶಿಬಿರದ ವಾಚರ್‌ಗಳು, ಕಂಪ್ಯೂಟರ್ ಆಪರೇಟರ್‌ಗಳು ವೇತನ ಬಾರದೆ ಆರ್ಥಿಕ ಸಂಕಷ್ಟಕ್ಕೆ ಸಿಲುಕಿದ್ದಾರೆ. ಗಸ್ತುವಿನ ಪ್ರಶ್ನೆಗಳಾಗಿ ಅಸಹಾಯಕರಾಗಿದ್ದಾರೆ. ಮಲೆ ಮಹದೇಶ್ವರ ವನ್ಯಜೀವಿ ವಿಭಾಗ 949 ಚದರ ಕಿ.ಮೀ ವಿಸ್ತೀರ್ಣ ಹೊಂದಿದ್ದು, ಹನೂರು, ಪಾಲಾರ್, ಎಂ.ಎಂ ಹಿಲ್ಸ್, ರಾಮಾಪುರ, ಪಿ.ಜಿ ಪಾಳ್ಯ, ಕೊಳ್ಳೇಗಾಲ ಹಾಗೂ ಹನೂರು ಬಫರ್ ವಲಯಗಳನ್ನು ಒಳಗೊಂಡಿದೆ. 7 ವಲಯಗಳಲ್ಲಿ 30ಕ್ಕೂ ಹೆಚ್ಚು ಕಳ್ಳಬೇಟೆ ತಡೆ ಶಿಬಿರಗಳಿದ್ದು 120ಕ್ಕೂ ಹೆಚ್ಚು ವಾಚರ್‌ಗಳು ಹಾಗೂ ಕಂಪ್ಯೂಟರ್ ಆಪರೇಟರ್‌ಗಳು ಹೊರಗುತ್ತಿಗೆಯಲ್ಲಿ ಕಾರ್ಯ ನಿರ್ವಹಿಸುತ್ತಿದ್ದಾರೆ.
ಮೈಸೂರಿನ ರಂಗನಾಥ ಎಲೆಕ್ಟ್ರಿಕಲ್ಸ್ ಕಂಪನಿಯು ಹೊರಗುತ್ತಿಗೆ ನೌಕರರಿಗೆ ವೇತನ ಪಾವತಿಯ ಟೆಂಡರ್ ಪಡೆದಿದ್ದು ಮಾರ್ಚ್‌ನಿಂದ ಜೂನ್‌ವರೆಗಿನ ಪಾವತಿಸಿಲ್ಲ. 8 ತಿಂಗಳುಗಳಿಂದ 16ಸಾವಿರ ಸಂಕಷ್ಟ ಪರಿಹಾರ ಭತ್ಯೆಯನ್ನೂ ನೀಡಿಲ್ಲ ಎಂದು ನೌಕರರು ದೂರಿದ್ದಾರೆ. ವೇತನ ತೀರ್ಮಾನದಂತೆ ಪ್ರತಿ ತಿಂಗಳು ಹಣ ಬಿಡುಗಡೆ ಆಗುತ್ತಿದ್ದು ಹಲವು ತಿಂಗಳಿಂದ ವೇತನ ಬಿಡುಗಡೆ ಮಾಡಬೇಕು ಎಂದು ಆಗ್ರಹಿಸಿದರು.
ನಿರ್ವಹಣೆಯನ್ನು ಬಿಟ್ಟು ಮಾಡಬೇಕಾಗುತ್ತದೆ. 4 ತಿಂಗಳಿನಿಂದ ವೇತನವಿಲ್ಲದೆ ದುಡಿಯುತ್ತಿರುವ ಸಿಬ್ಬಂದಿಯ ಕುಟುಂಬಗಳ ಜೀವನ ನಿರ್ವಹಣೆ ತೊಂದರೆಯಾಗಿದೆ. ವೇತನ ಇಲ್ಲದ್ದರಿಂದ ಹೇಗೆ ಬದುಕಬೇಕು ಎಂಬ ಆತಂಕ ಎದುರಾಗಿದೆ ಎಂದು ನೌಕರರು ಅಳಲು ತೋಡಿಕೊಂಡರು. 'ಕಳ್ಳಬೇಟೆ ತಡೆ ಶಿಬಿರದ ವಾಚರ್‌ಗಳು ಪ್ರಾಮಾಣಿಕವಾಗಿ ಕರ್ತವ್ಯ ನಿರ್ವಹಿಸುತ್ತಿದ್ದಾರೆ.
ಅತ್ಯಂತ ಚಟುವಟಿಕೆಗಳ ಮೇಲೆ ನಿಗಾ ಇರಿಸಬೇಕು. ಅರಣ್ಯದೊಳಗೆ ಕಂಡುಬರುವ ವಿದ್ಯಮಾನಗಳನ್ನು ಹಿರಿಯ ಅಧಿಕಾರಿಗಳಿಗೆ ವರದಿ ಮಾಡಬೇಕು' ಎಂದು ಅವರು ತಿಳಿಸಿದರು. ಸರ್ಕಾರದ ವೇತನ ವಿಳಂಬದ ಬಗ್ಗೆ ಮೇಲಧಿಕಾರಿಗಳ ಗಮನಕ್ಕೆ ತಂದರೂ ಪ್ರಯೋಜನವಾಗಿಲ್ಲ. ಕಳ್ಳಬೇಟೆ ತಡೆ ಶಿಬಿರದಲ್ಲಿ ಇರುವ ವಾಚರ್‌ಗಳಿಗೆ ಬೆಳಗಿನಿಂದ ರಾತ್ರಿವರೆಗೆ ಗಸ್ತು ತಿರುಗಬೇಕಾಗಿದ್ದು, ಪ್ರತಿ ತಿಂಗಳು ವೇತನ ಪಾವತಿಯಾಗಬೇಕು. ಬೇಸಿಗೆಯಲ್ಲಿ ಕಾಡ್ಗಿಚ್ಚು ತಡೆಗಟ್ಟಲು ಬೆಂಕಿ ರೇಖೆಗಳ ನಿರ್ಮಾಣ, ಕಾಡುಪ್ರಾಣಿಗಳು ನಾಡಿಗೆ ಬಾರದಂತೆ ಕಾವಲು ಕಾಯುವ ಜೊತೆಗೆ ಅರಣ್ಯ ಇಲಾಖೆ ನೀಡುವ ಎಲ್ಲಾ ಕೆಲಸಗಳನ್ನು ಶ್ರದ್ಧೆಯಿಂದ ನಿರ್ವಹಿಸುತ್ತಿದ್ದಾರೆ. ಬಳ್ಳಾರಿ ಸಿಬ್ಬಂದಿಗೆ ತಿಂಗಳಿಗೆ ಸರಾಸರಿ 120 ಹೊರಗುತ್ತಿಗೆ ನೌಕರರಿಗೆ 3 ತಿಂಗಳ ವೇತನ ಬಾಕಿ ಹಾಗೂ 10 ತಿಂಗಳು ಪಿಎಫ್, ಇಎಸ್‌ಐ ಬಾಕಿ ಉಳಿದಿದೆ. ವೇತನ ಪಾವತಿಗೆ ಟೆಂಡರ್ ಪಡೆದಿರುವ ಕಂಪನಿಯ ಬೇಜವಾಬ್ದಾರಿಯಿಂದ ಸಮಸ್ಯೆ ಉಂಟಾಗಿದ್ದು, ಮೇಲಧಿಕಾರಿಗಳು ಕ್ರಮ ಕೈಗೊಳ್ಳಬೇಕು ಎಂದು ನೌಕರರು ಒತ್ತಾಯಿಸಿದ್ದಾರೆ.
PDF All PDF Reader
